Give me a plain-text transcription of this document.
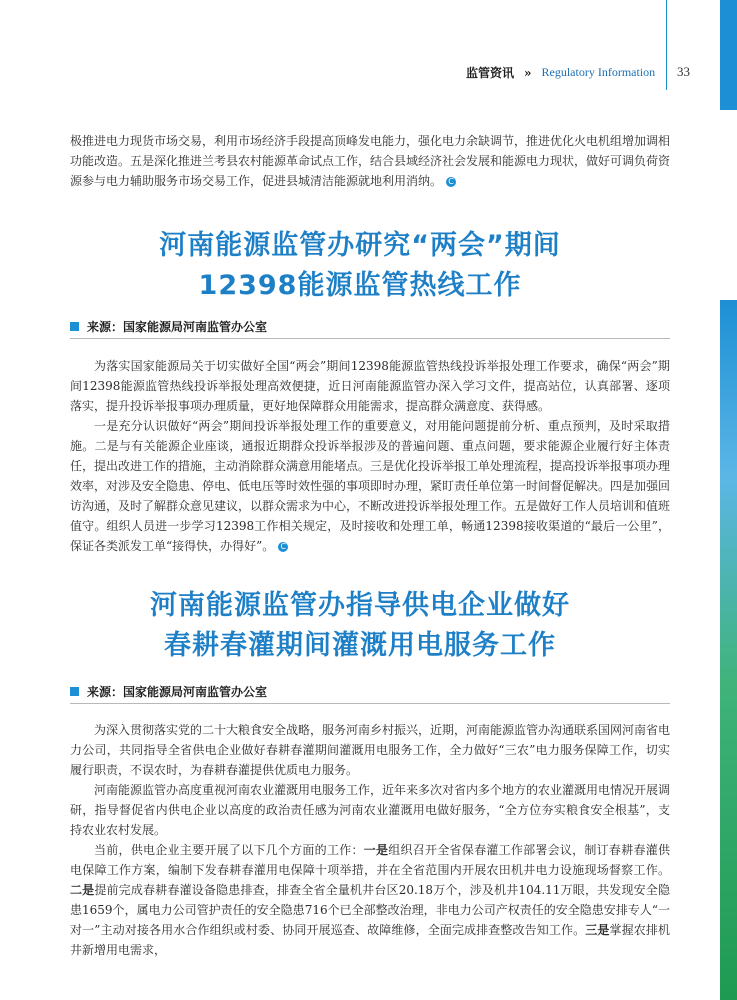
监管资讯 » Regulatory Information 33

极推进电力现货市场交易，利用市场经济手段提高顶峰发电能力，强化电力余缺调节，推进优化火电机组增加调相功能改造。五是深化推进兰考县农村能源革命试点工作，结合县域经济社会发展和能源电力现状，做好可调负荷资源参与电力辅助服务市场交易工作，促进县城清洁能源就地利用消纳。 C

河南能源监管办研究“两会”期间
12398能源监管热线工作
来源：国家能源局河南监管办公室

为落实国家能源局关于切实做好全国“两会”期间12398能源监管热线投诉举报处理工作要求，确保“两会”期间12398能源监管热线投诉举报处理高效便捷，近日河南能源监管办深入学习文件，提高站位，认真部署、逐项落实，提升投诉举报事项办理质量，更好地保障群众用能需求，提高群众满意度、获得感。

一是充分认识做好“两会”期间投诉举报处理工作的重要意义，对用能问题提前分析、重点预判，及时采取措施。二是与有关能源企业座谈，通报近期群众投诉举报涉及的普遍问题、重点问题，要求能源企业履行好主体责任，提出改进工作的措施，主动消除群众满意用能堵点。三是优化投诉举报工单处理流程，提高投诉举报事项办理效率，对涉及安全隐患、停电、低电压等时效性强的事项即时办理，紧盯责任单位第一时间督促解决。四是加强回访沟通，及时了解群众意见建议，以群众需求为中心，不断改进投诉举报处理工作。五是做好工作人员培训和值班值守。组织人员进一步学习12398工作相关规定，及时接收和处理工单，畅通12398接收渠道的“最后一公里”，保证各类派发工单“接得快，办得好”。 C

河南能源监管办指导供电企业做好
春耕春灌期间灌溉用电服务工作
来源：国家能源局河南监管办公室

为深入贯彻落实党的二十大粮食安全战略，服务河南乡村振兴，近期，河南能源监管办沟通联系国网河南省电力公司，共同指导全省供电企业做好春耕春灌期间灌溉用电服务工作，全力做好“三农”电力服务保障工作，切实履行职责，不误农时，为春耕春灌提供优质电力服务。

河南能源监管办高度重视河南农业灌溉用电服务工作，近年来多次对省内多个地方的农业灌溉用电情况开展调研，指导督促省内供电企业以高度的政治责任感为河南农业灌溉用电做好服务，“全方位夯实粮食安全根基”，支持农业农村发展。

当前，供电企业主要开展了以下几个方面的工作：一是组织召开全省保春灌工作部署会议，制订春耕春灌供电保障工作方案，编制下发春耕春灌用电保障十项举措，并在全省范围内开展农田机井电力设施现场督察工作。二是提前完成春耕春灌设备隐患排查，排查全省全量机井台区20.18万个，涉及机井104.11万眼，共发现安全隐患1659个，属电力公司管护责任的安全隐患716个已全部整改治理，非电力公司产权责任的安全隐患安排专人“一对一”主动对接各用水合作组织或村委、协同开展巡查、故障维修，全面完成排查整改告知工作。三是掌握农排机井新增用电需求，
